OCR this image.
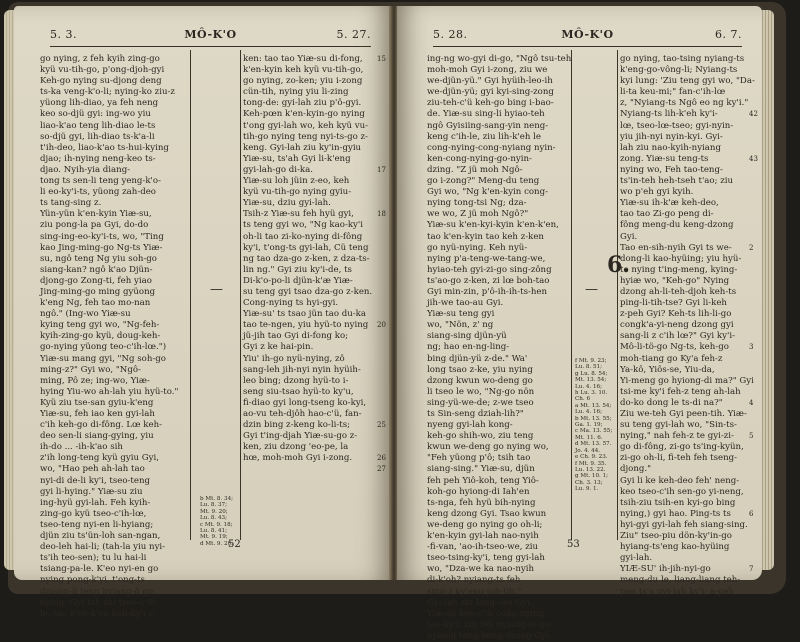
5. 3.	MÔ-K'O	5. 27.
go nying, z feh kyih zing-go
kyü vu-tih-go, p'ong-djoh-gyi
Keh-go nying su-djong deng
ts-ka veng-k'o-li; nying-ko ziu-z
yüong lih-diao, ya feh neng
keo so-djü gyi: ing-wo yiu
liao-k'ao teng lih-diao le-ts
so-djü gyi, lih-diao ts-k'a-li
t'ih-deo, liao-k'ao ts-hui-kying
djao; ih-nying neng-keo ts-
djao. Nyih-yia diang-
tong ts sen-li teng yeng-k'o-
li eo-ky'i-ts, yüong zah-deo
ts tang-sing z.
Yün-yün k'en-kyin Yiæ-su,
ziu pong-la pa Gyi, do-do
sing-ing-eo-ky'i-ts, wo, "Ting
kao Jing-ming-go Ng-ts Yiæ-
su, ngô teng Ng yiu soh-go
siang-kan? ngô k'ao Djün-
djong-go Zong-ti, feh yiao
Jing-ming-go ming gyüong
k'eng Ng, feh tao mo-nan
ngô." (Ing-wo Yiæ-su
kying teng gyi wo, "Ng-feh-
kyih-zing-go kyü, doug-keh-
go-nying yüong teo-c'ih-lœ.")
Yiæ-su mang gyi, "Ng soh-go
ming-z?" Gyi wo, "Ngô-
ming, Pô ze; ing-wo, Yiæ-
hying Yiu-wo ah-lah yiu hyü-to."
Kyü ziu tse-san gyiu-k'eng
Yiæ-su, feh iao ken gyi-lah
c'ih keh-go di-fông. Lœ keh-
deo sen-li siang-gying, yiu
ih-do ... -ih-k'ao sih
z'ih long-teng kyü gyiu Gyi,
wo, "Hao peh ah-lah tao
nyi-di de-li ky'i, tseo-teng
gyi li-hying." Yiæ-su ziu
ing-hyü gyi-lah. Feh kyih-
zing-go kyü tseo-c'ih-lœ,
tseo-teng nyi-en li-hyiang;
djün ziu ts'ün-loh san-ngan,
deo-leh hai-li; (tah-la yiu nyi-
ts'ih teo-sen); tu lu hai-li
tsiang-pa-le. K'eo nyi-en go
nying pong-k'yi, t'ong-ts
dziang-li teng hyiang-ô go
nying. Gyi-lah ziu tseo-c'ih-
le, tao k'en-k'en keh-ky'i z-
—
ken: tao tao Yiæ-su di-fong,
k'en-kyin keh kyü vu-tih-go,
go nying, zo-ken; yiu i-zong
cün-tih, nying yiu li-zing
tong-de: gyi-lah ziu p'ô-gyi.
Keh-pœn k'en-kyin-go nying
t'ong gyi-lah wo, keh kyü vu-
tih-go nying teng nyi-ts-go z-
keng. Gyi-lah ziu ky'in-gyiu
Yiæ-su, ts'ah Gyi li-k'eng
gyi-lah-go di-ka.
Yiæ-su loh jüin z-eo, keh
kyü vu-tih-go nying gyiu-
Yiæ-su, dziu gyi-lah.
Tsih-z Yiæ-su feh hyü gyi,
ts teng gyi wo, "Ng kao-ky'i
oh-li tao zi-ko-nying di-fông
ky'i, t'ong-ts gyi-lah, Cü teng
ng tao dza-go z-ken, z dza-ts-
lin ng." Gyi ziu ky'i-de, ts
Di-k'o-po-li djün-k'æ Yiæ-
su teng gyi tsao dza-go z-ken.
Cong-nying ts hyi-gyi.
Yiæ-su' ts tsao jün tao du-ka
tao te-ngen, yiu hyü-to nying
jü-jih tao Gyi di-fong ko;
Gyi z ke hai-pin.
Yiu' ih-go nyü-nying, zô
sang-leh jih-nyi nyin hyüih-
leo bing; dzong hyü-to i-
seng siu-tsao hyü-to ky'u,
fi-diao gyi long-tseng ko-kyi,
ao-vu teh-djôh hao-c'ü, fan-
dzin bing z-keng ko-li-ts;
Gyi t'ing-djah Yiæ-su-go z-
ken, ziu dzong 'eo-pe, la
hœ, moh-moh Gyi i-zong.
15
17
18
20
25
26
27
b Mt. 8. 34;
Lu. 8. 37;
Mt. 9. 20;
Lu. 8. 43;
c Mt. 9. 18;
Lu. 8. 41;
Mt. 9. 19;
d Mt. 9. 20.
52
5. 28.	MÔ-K'O	6. 7.
ing-ng wo-gyi di-go, "Ngô tsu-teh
moh-moh Gyi i-zong, ziu we
we-djün-yü." Gyi hyüih-leo-ih
we-djün-yü; gyi kyi-sing-zong
ziu-teh-c'ü keh-go bing i-bao-
de. Yiæ-su sing-li hyiao-teh
ngô Gyisiing-sang-yin neng-
keng c'ih-le, ziu lih-k'eh le
cong-nying-cong-nyiang nyin-
ken-cong-nying-go-nyin-
dzing. "Z jü moh Ngô-
go i-zong?" Meng-du teng
Gyi wo, "Ng k'en-kyin cong-
nying tong-tsi Ng; dza-
we wo, Z jü moh Ngô?"
Yiæ-su k'en-kyi-kyin k'en-k'en,
tao k'en-kyin tao keh z-ken
go nyü-nying. Keh nyü-
nying p'a-teng-we-tang-we,
hyiao-teh gyi-zi-go sing-zông
ts'ao-go z-ken, zi lœ boh-tao
Gyi min-zin, p'ô-ih-ih-ts-hen
jih-we tao-au Gyi.
Yiæ-su teng gyi
wo, "Nön, z' ng
siang-sing djün-yü
ng; hao en-ng-ling-
bing djün-yü z-de." Wa'
long tsao z-ke, yiu nying
dzong kwun wo-deng go
li tseo le wo, "Ng-go nön
sing-yü-we-de; z-we tseo
ts Sin-seng dziah-lih?"
nyeng gyi-lah kong-
keh-go shih-wo, ziu teng
kwun we-deng go nying wo,
"Feh yüong p'ô; tsih tao
siang-sing." Yiæ-su, djün
feh peh Yiô-koh, teng Yiô-
koh-go hyiong-di Iah'en
ts-nga, feh hyü bih-nying
keng dzong Gyi. Tsao kwun
we-deng go nying go oh-li;
k'en-kyin gyi-lah nao-nyih
-fi-van, 'ao-ih-tseo-we, ziu
tseo-tsing-ky'i, teng gyi-lah
wo, "Dza-we ka nao-nyih
di-k'oh? nyiang-ts feh
sing-z ky'eng-joh-tih."
Gyi-lah ziu lang-sao Gyi.
Yiæ-su ken-c'ih cong-nying
tao-ky'i, ziu teh nyiang-ts-go
nyiang teng keng-dzong Gyi.
—
go nying, tao-tsing nyiang-ts
k'eng-go-vông-li; Nyiang-ts
kyi lung: 'Ziu teng gyi wo, "Da-
li-ta keu-mi;" fan-c'ih-lœ
z, "Nyiang-ts Ngô eo ng ky'i."
Nyiang-ts lih-k'eh ky'i-
lœ, tseo-lœ-tseo; gyi-nyin-
yiu jih-nyi nyin-kyi. Gyi-
lah ziu nao-kyih-nyiang
zong. Yiæ-su teng-ts
nying wo, Feh tao-teng-
ts'in-teh heh-tseh t'ao; ziu
wo p'eh gyi kyih.
Yiæ-su ih-k'æ keh-deo,
tao tao Zi-go peng di-
fông meng-du keng-dzong
Gyi.
Tao en-sih-nyih Gyi ts we-
dong-li kao-hyüing; yiu hyü-
to nying t'ing-meng, kying-
hyiæ wo, "Keh-go" Nying
dzong ah-li-teh-djoh keh-ts
ping-li-tih-tse? Gyi li-keh
z-peh Gyi? Keh-ts lih-li-go
congk'a-yi-neng dzong gyi
sang-li z c'ih lœ?" Gyi ky'i-
Mô-li-tö-go Ng-ts, keh-go
moh-tiang go Ky'a feh-z
Ya-kô, Yiôs-se, Yiu-da,
Yi-meng go hyiong-di ma?" Gyi
tsi-me ky'i feh-z teng ah-lah
do-ko dong le ts-di na?"
Ziu we-teh Gyi peen-tih. Yiæ-
su teng gyi-lah wo, "Sin-ts-
nying," nah feh-z te gyi-zi-
go di-fông, zi-go ts'ing-kyün,
zi-go oh-li, fi-teh feh tseng-
djong."
Gyi li ke keh-deo feh' neng-
keo tseo-c'ih sen-go yi-neng,
tsih-ziu tsih-en kyi-go bing
nying,) gyi hao. Ping-ts ts
hyi-gyi gyi-lah feh siang-sing.
Ziu" tseo-piu dön-ky'in-go
hyiang-ts'eng kao-hyüing
gyi-lah.
YIÆ-SU' ih-jih-nyi-go
meng-du le, liang-liang teh-
pen ts'a gyi-lah ky'i; a-peh
42
43
2
3
4
5
6
7
f Mt. 9. 23;
Lu. 8. 51;
g Lu. 8. 54;
Mt. 13. 54;
Lu. 4. 16;
h Lu. 3. 10.
Ch. 6
a Mt. 13. 54;
Lu. 4. 16;
b Mt. 13. 55;
Ga. 1. 19;
c Ma. 13. 55;
Mt. 11. 6.
d Mt. 13. 57.
Jo. 4. 44.
e Ch. 9. 23.
f Mt. 9. 35.
Lu. 13. 22.
g Mt. 10. 1;
Ch. 3. 13;
Lu. 9. 1.
6.
53
